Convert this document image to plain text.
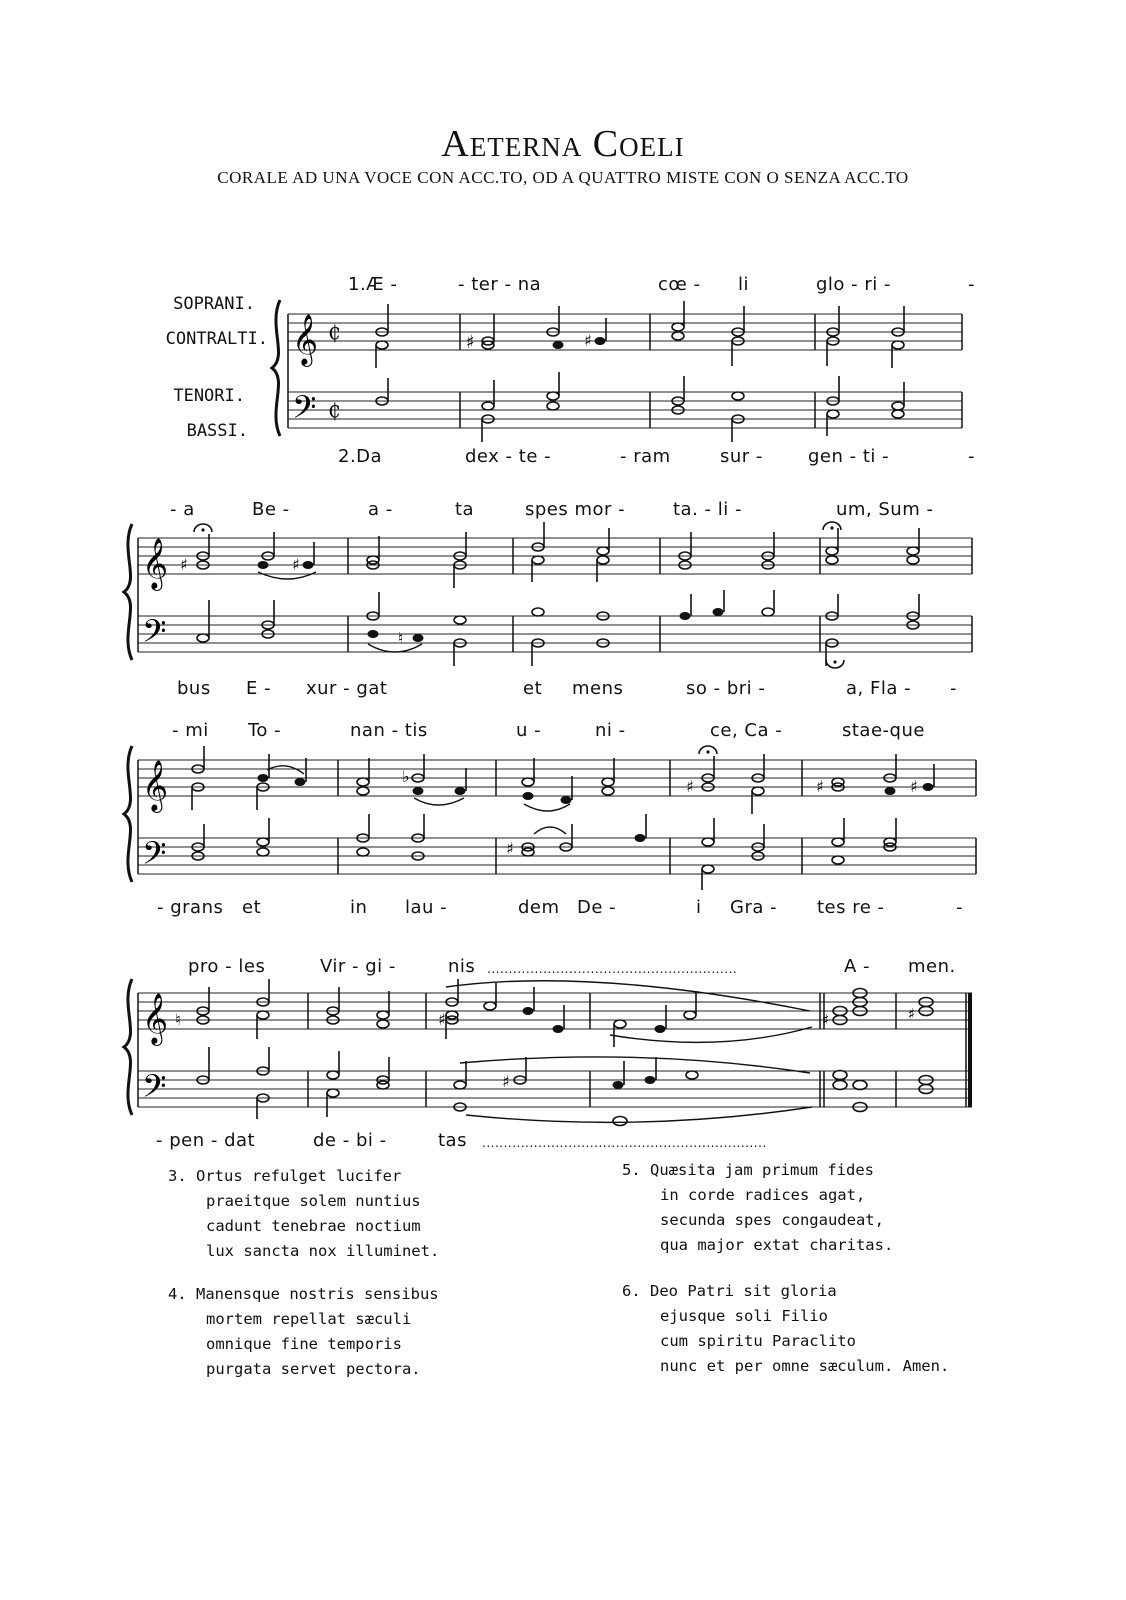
Aeterna Coeli
CORALE AD UNA VOCE CON ACC.TO, OD A QUATTRO MISTE CON O SENZA ACC.TO
SOPRANI.
CONTRALTI.
TENORI.
BASSI.
1.Æ -	- ter - na	cœ - li	glo - ri -	-
𝄞
𝄢
₵
₵
♯	♯
2.Da	dex - te -	- ram	sur -	gen - ti -	-
- a	Be -	a -	ta	spes mor -	ta. - li -	um, Sum -
𝄞
𝄢
♯	♯
♮
bus E - xur - gat	et mens	so - bri -	a, Fla - -
- mi To -	nan - tis	u -	ni -	ce, Ca -	stae-que
𝄞
𝄢
♭
♯	♯	♯
♯
- grans et	in lau -	dem De -	i Gra - tes re -	-
pro - les	Vir - gi -	nis ..........................................................	A - men.
𝄞
𝄢
♮	♯	♯	♯
♯
- pen - dat	de - bi -	tas ..................................................................
3. Ortus refulget lucifer
praeitque solem nuntius
cadunt tenebrae noctium
lux sancta nox illuminet.
4. Manensque nostris sensibus
mortem repellat sæculi
omnique fine temporis
purgata servet pectora.
5. Quæsita jam primum fides
in corde radices agat,
secunda spes congaudeat,
qua major extat charitas.
6. Deo Patri sit gloria
ejusque soli Filio
cum spiritu Paraclito
nunc et per omne sæculum. Amen.
